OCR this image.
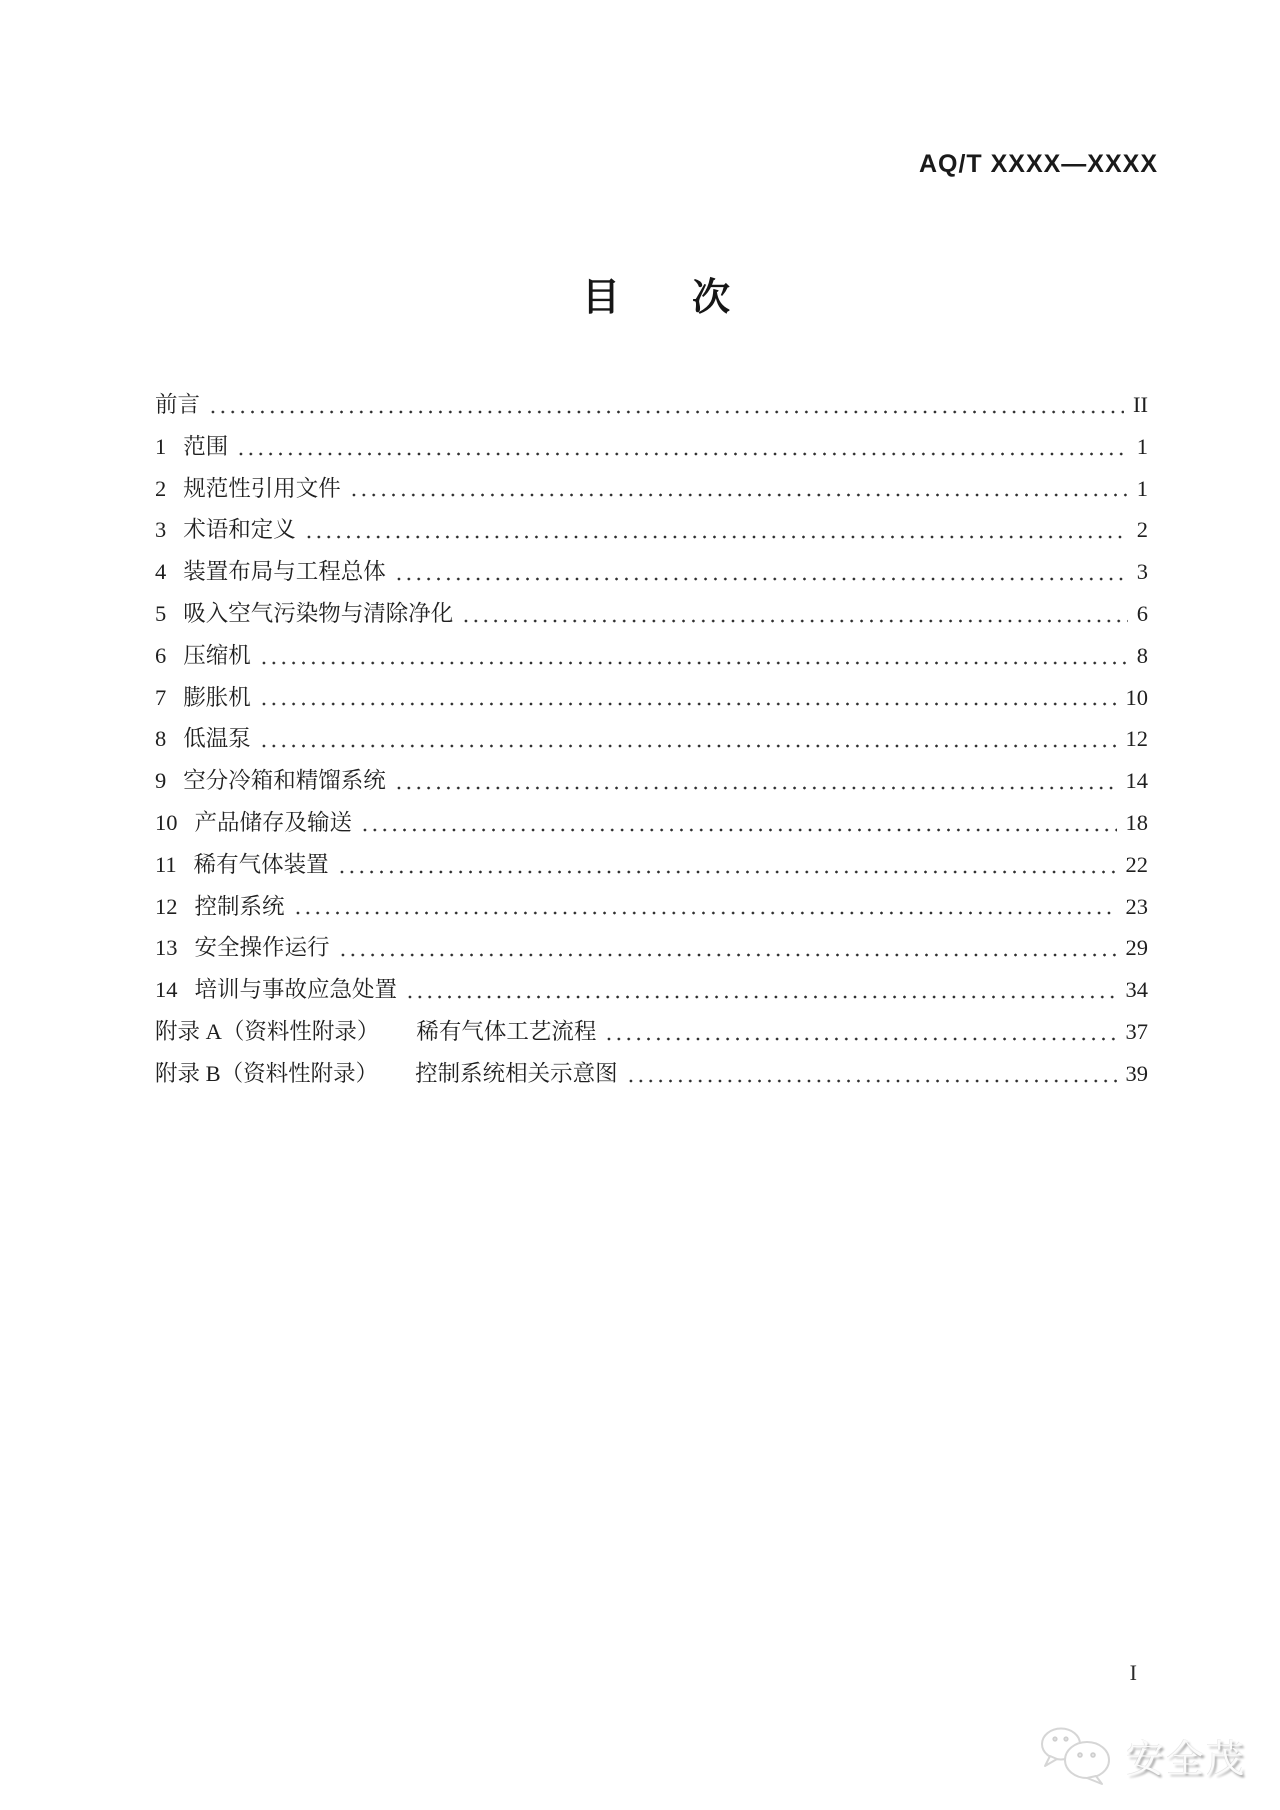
AQ/T XXXX—XXXX
目 次
前言	II
1 范围	1
2 规范性引用文件	1
3 术语和定义	2
4 装置布局与工程总体	3
5 吸入空气污染物与清除净化	6
6 压缩机	8
7 膨胀机	10
8 低温泵	12
9 空分冷箱和精馏系统	14
10 产品储存及输送	18
11 稀有气体装置	22
12 控制系统	23
13 安全操作运行	29
14 培训与事故应急处置	34
附录 A（资料性附录） 稀有气体工艺流程	37
附录 B（资料性附录） 控制系统相关示意图	39
I
安全茂
